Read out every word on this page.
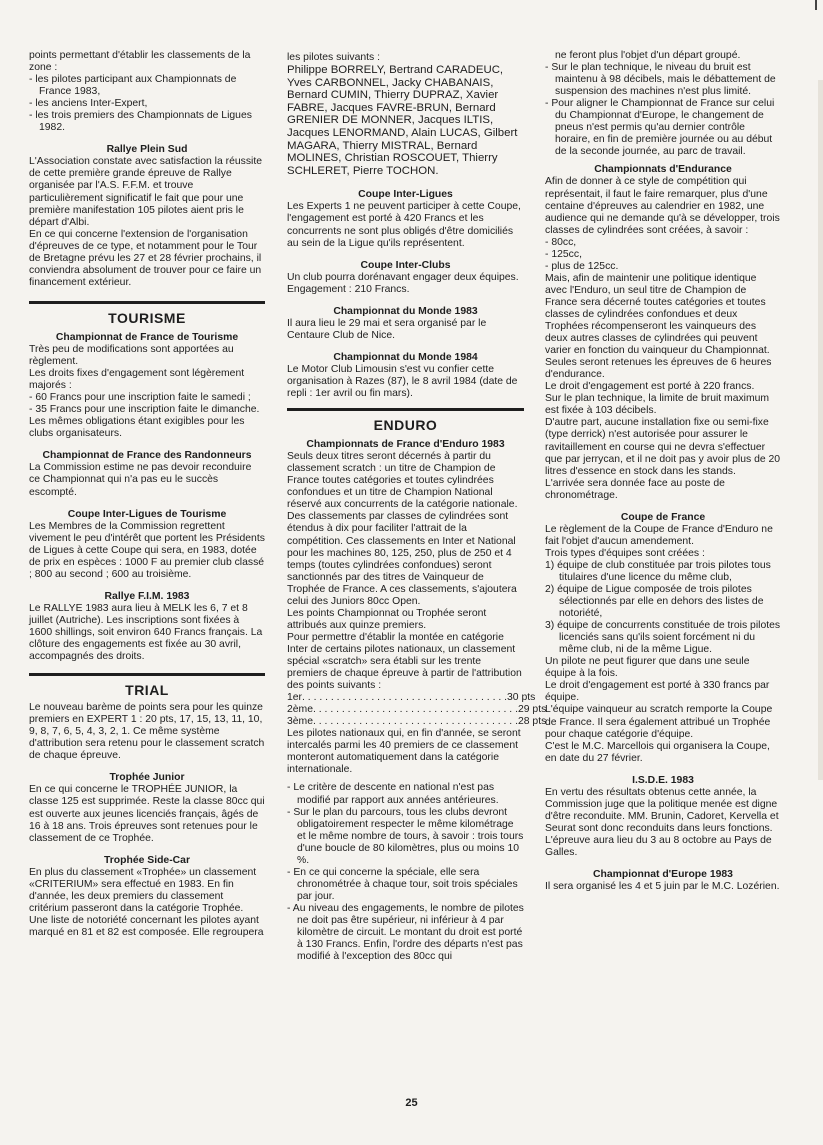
points permettant d'établir les classements de la zone :

- les pilotes participant aux Championnats de France 1983,

- les anciens Inter-Expert,

- les trois premiers des Championnats de Ligues 1982.

Rallye Plein Sud

L'Association constate avec satisfaction la réussite de cette première grande épreuve de Rallye organisée par l'A.S. F.F.M. et trouve particulièrement significatif le fait que pour une première manifestation 105 pilotes aient pris le départ d'Albi.

En ce qui concerne l'extension de l'organisation d'épreuves de ce type, et notamment pour le Tour de Bretagne prévu les 27 et 28 février prochains, il conviendra absolument de trouver pour ce faire un financement extérieur.

TOURISME

Championnat de France de Tourisme

Très peu de modifications sont apportées au règlement.

Les droits fixes d'engagement sont légèrement majorés :

- 60 Francs pour une inscription faite le samedi ;

- 35 Francs pour une inscription faite le dimanche.

Les mêmes obligations étant exigibles pour les clubs organisateurs.

Championnat de France des Randonneurs

La Commission estime ne pas devoir reconduire ce Championnat qui n'a pas eu le succès escompté.

Coupe Inter-Ligues de Tourisme

Les Membres de la Commission regrettent vivement le peu d'intérêt que portent les Présidents de Ligues à cette Coupe qui sera, en 1983, dotée de prix en espèces : 1000 F au premier club classé ; 800 au second ; 600 au troisième.

Rallye F.I.M. 1983

Le RALLYE 1983 aura lieu à MELK les 6, 7 et 8 juillet (Autriche). Les inscriptions sont fixées à 1600 shillings, soit environ 640 Francs français. La clôture des engagements est fixée au 30 avril, accompagnés des droits.

TRIAL

Le nouveau barème de points sera pour les quinze premiers en EXPERT 1 : 20 pts, 17, 15, 13, 11, 10, 9, 8, 7, 6, 5, 4, 3, 2, 1. Ce même système d'attribution sera retenu pour le classement scratch de chaque épreuve.

Trophée Junior

En ce qui concerne le TROPHÉE JUNIOR, la classe 125 est supprimée. Reste la classe 80cc qui est ouverte aux jeunes licenciés français, âgés de 16 à 18 ans. Trois épreuves sont retenues pour le classement de ce Trophée.

Trophée Side-Car

En plus du classement «Trophée» un classement «CRITERIUM» sera effectué en 1983. En fin d'année, les deux premiers du classement critérium passeront dans la catégorie Trophée. Une liste de notoriété concernant les pilotes ayant marqué en 81 et 82 est composée. Elle regroupera

les pilotes suivants :

Philippe BORRELY, Bertrand CARADEUC, Yves CARBONNEL, Jacky CHABANAIS, Bernard CUMIN, Thierry DUPRAZ, Xavier FABRE, Jacques FAVRE-BRUN, Bernard GRENIER DE MONNER, Jacques ILTIS, Jacques LENORMAND, Alain LUCAS, Gilbert MAGARA, Thierry MISTRAL, Bernard MOLINES, Christian ROSCOUET, Thierry SCHLERET, Pierre TOCHON.

Coupe Inter-Ligues

Les Experts 1 ne peuvent participer à cette Coupe, l'engagement est porté à 420 Francs et les concurrents ne sont plus obligés d'être domiciliés au sein de la Ligue qu'ils représentent.

Coupe Inter-Clubs

Un club pourra dorénavant engager deux équipes. Engagement : 210 Francs.

Championnat du Monde 1983

Il aura lieu le 29 mai et sera organisé par le Centaure Club de Nice.

Championnat du Monde 1984

Le Motor Club Limousin s'est vu confier cette organisation à Razes (87), le 8 avril 1984 (date de repli : 1er avril ou fin mars).

ENDURO

Championnats de France d'Enduro 1983

Seuls deux titres seront décernés à partir du classement scratch : un titre de Champion de France toutes catégories et toutes cylindrées confondues et un titre de Champion National réservé aux concurrents de la catégorie nationale.

Des classements par classes de cylindrées sont étendus à dix pour faciliter l'attrait de la compétition. Ces classements en Inter et National pour les machines 80, 125, 250, plus de 250 et 4 temps (toutes cylindrées confondues) seront sanctionnés par des titres de Vainqueur de Trophée de France. A ces classements, s'ajoutera celui des Juniors 80cc Open.

Les points Championnat ou Trophée seront attribués aux quinze premiers.

Pour permettre d'établir la montée en catégorie Inter de certains pilotes nationaux, un classement spécial «scratch» sera établi sur les trente premiers de chaque épreuve à partir de l'attribution des points suivants :

1er . . . . . . . . . . . . . . . . . . . . . . . . . . . . . . . . . . . . 30 pts
2ème . . . . . . . . . . . . . . . . . . . . . . . . . . . . . . . . . . . . 29 pts
3ème . . . . . . . . . . . . . . . . . . . . . . . . . . . . . . . . . . . . 28 pts

Les pilotes nationaux qui, en fin d'année, se seront intercalés parmi les 40 premiers de ce classement monteront automatiquement dans la catégorie internationale.

- Le critère de descente en national n'est pas modifié par rapport aux années antérieures.

- Sur le plan du parcours, tous les clubs devront obligatoirement respecter le même kilométrage et le même nombre de tours, à savoir : trois tours d'une boucle de 80 kilomètres, plus ou moins 10 %.

- En ce qui concerne la spéciale, elle sera chronométrée à chaque tour, soit trois spéciales par jour.

- Au niveau des engagements, le nombre de pilotes ne doit pas être supérieur, ni inférieur à 4 par kilomètre de circuit. Le montant du droit est porté à 130 Francs. Enfin, l'ordre des départs n'est pas modifié à l'exception des 80cc qui

ne feront plus l'objet d'un départ groupé.

- Sur le plan technique, le niveau du bruit est maintenu à 98 décibels, mais le débattement de suspension des machines n'est plus limité.

- Pour aligner le Championnat de France sur celui du Championnat d'Europe, le changement de pneus n'est permis qu'au dernier contrôle horaire, en fin de première journée ou au début de la seconde journée, au parc de travail.

Championnats d'Endurance

Afin de donner à ce style de compétition qui représentait, il faut le faire remarquer, plus d'une centaine d'épreuves au calendrier en 1982, une audience qui ne demande qu'à se développer, trois classes de cylindrées sont créées, à savoir :

- 80cc,

- 125cc,

- plus de 125cc.

Mais, afin de maintenir une politique identique avec l'Enduro, un seul titre de Champion de France sera décerné toutes catégories et toutes classes de cylindrées confondues et deux Trophées récompenseront les vainqueurs des deux autres classes de cylindrées qui peuvent varier en fonction du vainqueur du Championnat.

Seules seront retenues les épreuves de 6 heures d'endurance.

Le droit d'engagement est porté à 220 francs.

Sur le plan technique, la limite de bruit maximum est fixée à 103 décibels.

D'autre part, aucune installation fixe ou semi-fixe (type derrick) n'est autorisée pour assurer le ravitaillement en course qui ne devra s'effectuer que par jerrycan, et il ne doit pas y avoir plus de 20 litres d'essence en stock dans les stands.

L'arrivée sera donnée face au poste de chronométrage.

Coupe de France

Le règlement de la Coupe de France d'Enduro ne fait l'objet d'aucun amendement.

Trois types d'équipes sont créées :

1) équipe de club constituée par trois pilotes tous titulaires d'une licence du même club,

2) équipe de Ligue composée de trois pilotes sélectionnés par elle en dehors des listes de notoriété,

3) équipe de concurrents constituée de trois pilotes licenciés sans qu'ils soient forcément ni du même club, ni de la même Ligue.

Un pilote ne peut figurer que dans une seule équipe à la fois.

Le droit d'engagement est porté à 330 francs par équipe.

L'équipe vainqueur au scratch remporte la Coupe de France. Il sera également attribué un Trophée pour chaque catégorie d'équipe.

C'est le M.C. Marcellois qui organisera la Coupe, en date du 27 février.

I.S.D.E. 1983

En vertu des résultats obtenus cette année, la Commission juge que la politique menée est digne d'être reconduite. MM. Brunin, Cadoret, Kervella et Seurat sont donc reconduits dans leurs fonctions.

L'épreuve aura lieu du 3 au 8 octobre au Pays de Galles.

Championnat d'Europe 1983

Il sera organisé les 4 et 5 juin par le M.C. Lozérien.

25
